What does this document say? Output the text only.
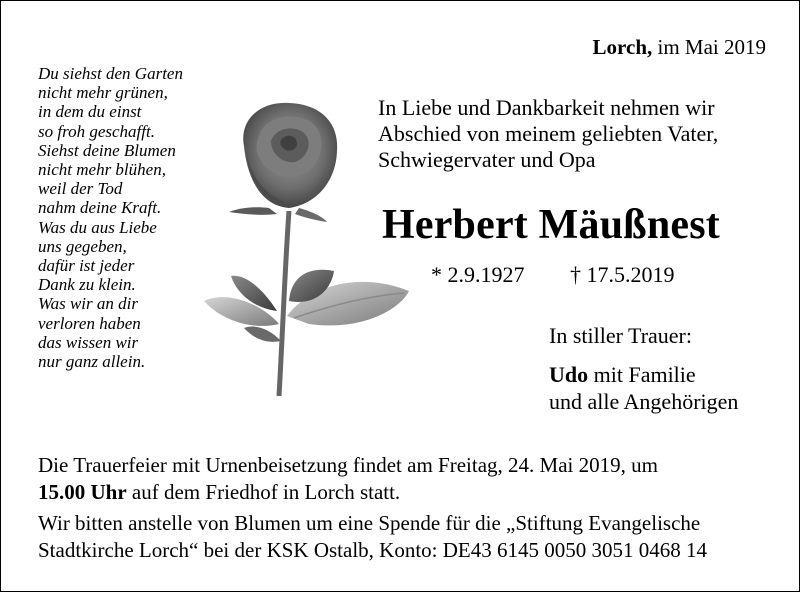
Lorch, im Mai 2019
Du siehst den Garten
nicht mehr grünen,
in dem du einst
so froh geschafft.
Siehst deine Blumen
nicht mehr blühen,
weil der Tod
nahm deine Kraft.
Was du aus Liebe
uns gegeben,
dafür ist jeder
Dank zu klein.
Was wir an dir
verloren haben
das wissen wir
nur ganz allein.
In Liebe und Dankbarkeit nehmen wir
Abschied von meinem geliebten Vater,
Schwiegervater und Opa
Herbert Mäußnest
* 2.9.1927 † 17.5.2019
In stiller Trauer:
Udo mit Familie
und alle Angehörigen
Die Trauerfeier mit Urnenbeisetzung findet am Freitag, 24. Mai 2019, um
15.00 Uhr auf dem Friedhof in Lorch statt.
Wir bitten anstelle von Blumen um eine Spende für die „Stiftung Evangelische
Stadtkirche Lorch“ bei der KSK Ostalb, Konto: DE43 6145 0050 3051 0468 14
